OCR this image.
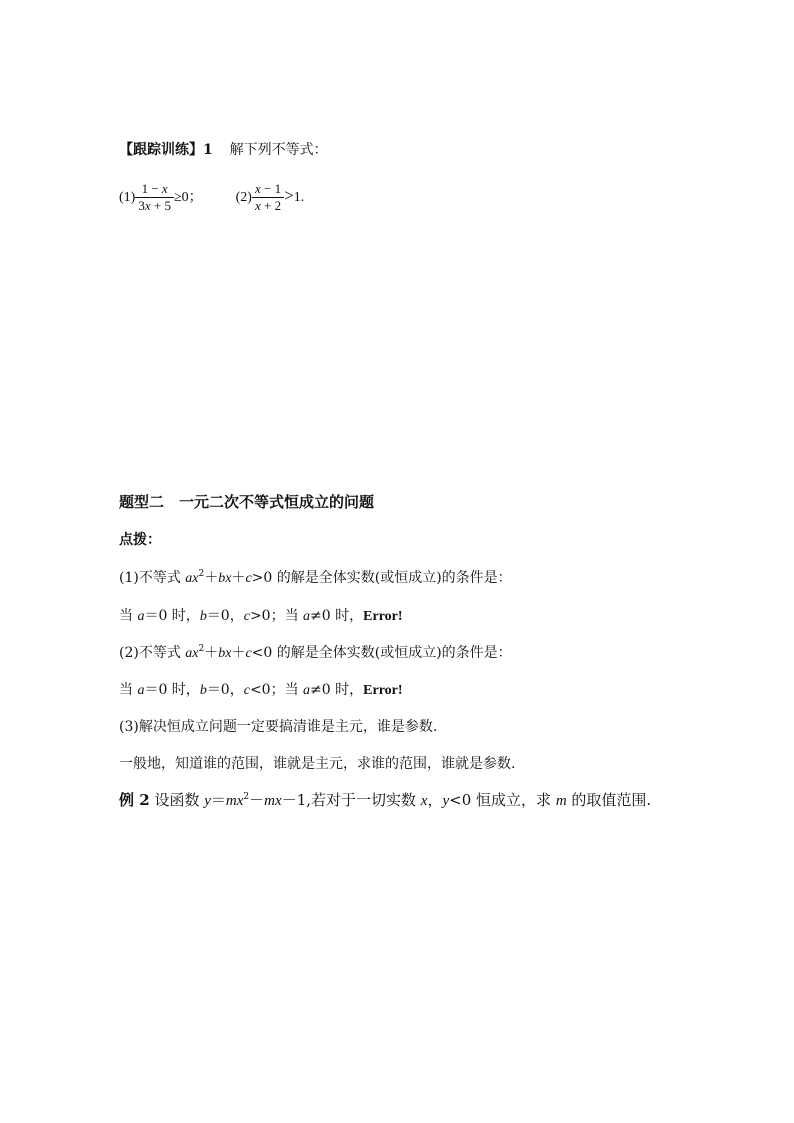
【跟踪训练】1 解下列不等式：
$(1) \frac{1 - x}{3x + 5} \ge 0$； $(2) \frac{x - 1}{x + 2} >1$.
题型二　一元二次不等式恒成立的问题
点拨：
(1)不等式 $ax^2+bx+c>0$ 的解是全体实数(或恒成立)的条件是：
当 a＝0 时，b＝0，c>0；当 a≠0 时，Error!
(2)不等式 $ax^2+bx+c<0$ 的解是全体实数(或恒成立)的条件是：
当 a＝0 时，b＝0，c<0；当 a≠0 时，Error!
(3)解决恒成立问题一定要搞清谁是主元，谁是参数.
一般地，知道谁的范围，谁就是主元，求谁的范围，谁就是参数.
例 2 设函数 $y=mx^2-mx-1$,若对于一切实数 x，y<0 恒成立，求 m 的取值范围.
